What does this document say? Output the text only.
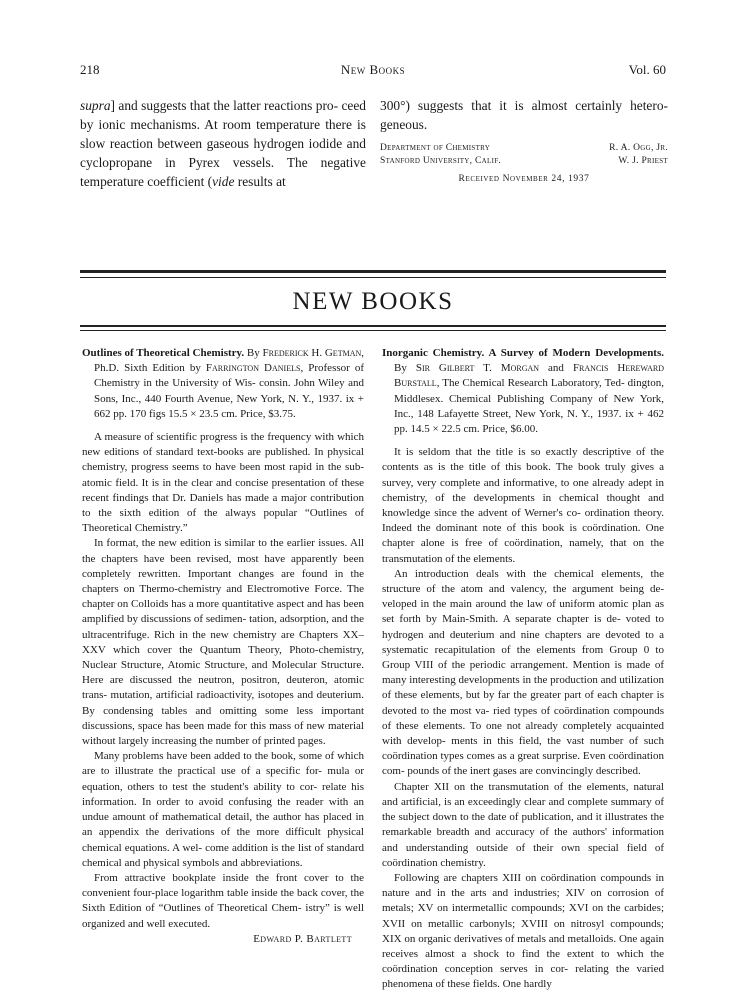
218	New Books	Vol. 60

supra] and suggests that the latter reactions pro- ceed by ionic mechanisms. At room temperature there is slow reaction between gaseous hydrogen iodide and cyclopropane in Pyrex vessels. The negative temperature coefficient (vide results at

300°) suggests that it is almost certainly hetero- geneous.

Department of Chemistry	R. A. Ogg, Jr.
Stanford University, Calif.	W. J. Priest
Received November 24, 1937
NEW BOOKS

Outlines of Theoretical Chemistry. By Frederick H. Getman, Ph.D. Sixth Edition by Farrington Daniels, Professor of Chemistry in the University of Wis- consin. John Wiley and Sons, Inc., 440 Fourth Avenue, New York, N. Y., 1937. ix + 662 pp. 170 figs 15.5 × 23.5 cm. Price, $3.75.

A measure of scientific progress is the frequency with which new editions of standard text-books are published. In physical chemistry, progress seems to have been most rapid in the sub-atomic field. It is in the clear and concise presentation of these recent findings that Dr. Daniels has made a major contribution to the sixth edition of the always popular “Outlines of Theoretical Chemistry.”

In format, the new edition is similar to the earlier issues. All the chapters have been revised, most have apparently been completely rewritten. Important changes are found in the chapters on Thermo-chemistry and Electromotive Force. The chapter on Colloids has a more quantitative aspect and has been amplified by discussions of sedimen- tation, adsorption, and the ultracentrifuge. Rich in the new chemistry are Chapters XX–XXV which cover the Quantum Theory, Photo-chemistry, Nuclear Structure, Atomic Structure, and Molecular Structure. Here are discussed the neutron, positron, deuteron, atomic trans- mutation, artificial radioactivity, isotopes and deuterium. By condensing tables and omitting some less important discussions, space has been made for this mass of new material without largely increasing the number of printed pages.

Many problems have been added to the book, some of which are to illustrate the practical use of a specific for- mula or equation, others to test the student's ability to cor- relate his information. In order to avoid confusing the reader with an undue amount of mathematical detail, the author has placed in an appendix the derivations of the more difficult physical chemical equations. A wel- come addition is the list of standard chemical and physical symbols and abbreviations.

From attractive bookplate inside the front cover to the convenient four-place logarithm table inside the back cover, the Sixth Edition of “Outlines of Theoretical Chem- istry” is well organized and well executed.

Edward P. Bartlett

Inorganic Chemistry. A Survey of Modern Developments. By Sir Gilbert T. Morgan and Francis Hereward Burstall, The Chemical Research Laboratory, Ted- dington, Middlesex. Chemical Publishing Company of New York, Inc., 148 Lafayette Street, New York, N. Y., 1937. ix + 462 pp. 14.5 × 22.5 cm. Price, $6.00.

It is seldom that the title is so exactly descriptive of the contents as is the title of this book. The book truly gives a survey, very complete and informative, to one already adept in chemistry, of the developments in chemical thought and knowledge since the advent of Werner's co- ordination theory. Indeed the dominant note of this book is coördination. One chapter alone is free of coördination, namely, that on the transmutation of the elements.

An introduction deals with the chemical elements, the structure of the atom and valency, the argument being de- veloped in the main around the law of uniform atomic plan as set forth by Main-Smith. A separate chapter is de- voted to hydrogen and deuterium and nine chapters are devoted to a systematic recapitulation of the elements from Group 0 to Group VIII of the periodic arrangement. Mention is made of many interesting developments in the production and utilization of these elements, but by far the greater part of each chapter is devoted to the most va- ried types of coördination compounds of these elements. To one not already completely acquainted with develop- ments in this field, the vast number of such coördination types comes as a great surprise. Even coördination com- pounds of the inert gases are convincingly described.

Chapter XII on the transmutation of the elements, natural and artificial, is an exceedingly clear and complete summary of the subject down to the date of publication, and it illustrates the remarkable breadth and accuracy of the authors' information and understanding outside of their own special field of coördination chemistry.

Following are chapters XIII on coördination compounds in nature and in the arts and industries; XIV on corrosion of metals; XV on intermetallic compounds; XVI on the carbides; XVII on metallic carbonyls; XVIII on nitrosyl compounds; XIX on organic derivatives of metals and metalloids. One again receives almost a shock to find the extent to which the coördination conception serves in cor- relating the varied phenomena of these fields. One hardly
